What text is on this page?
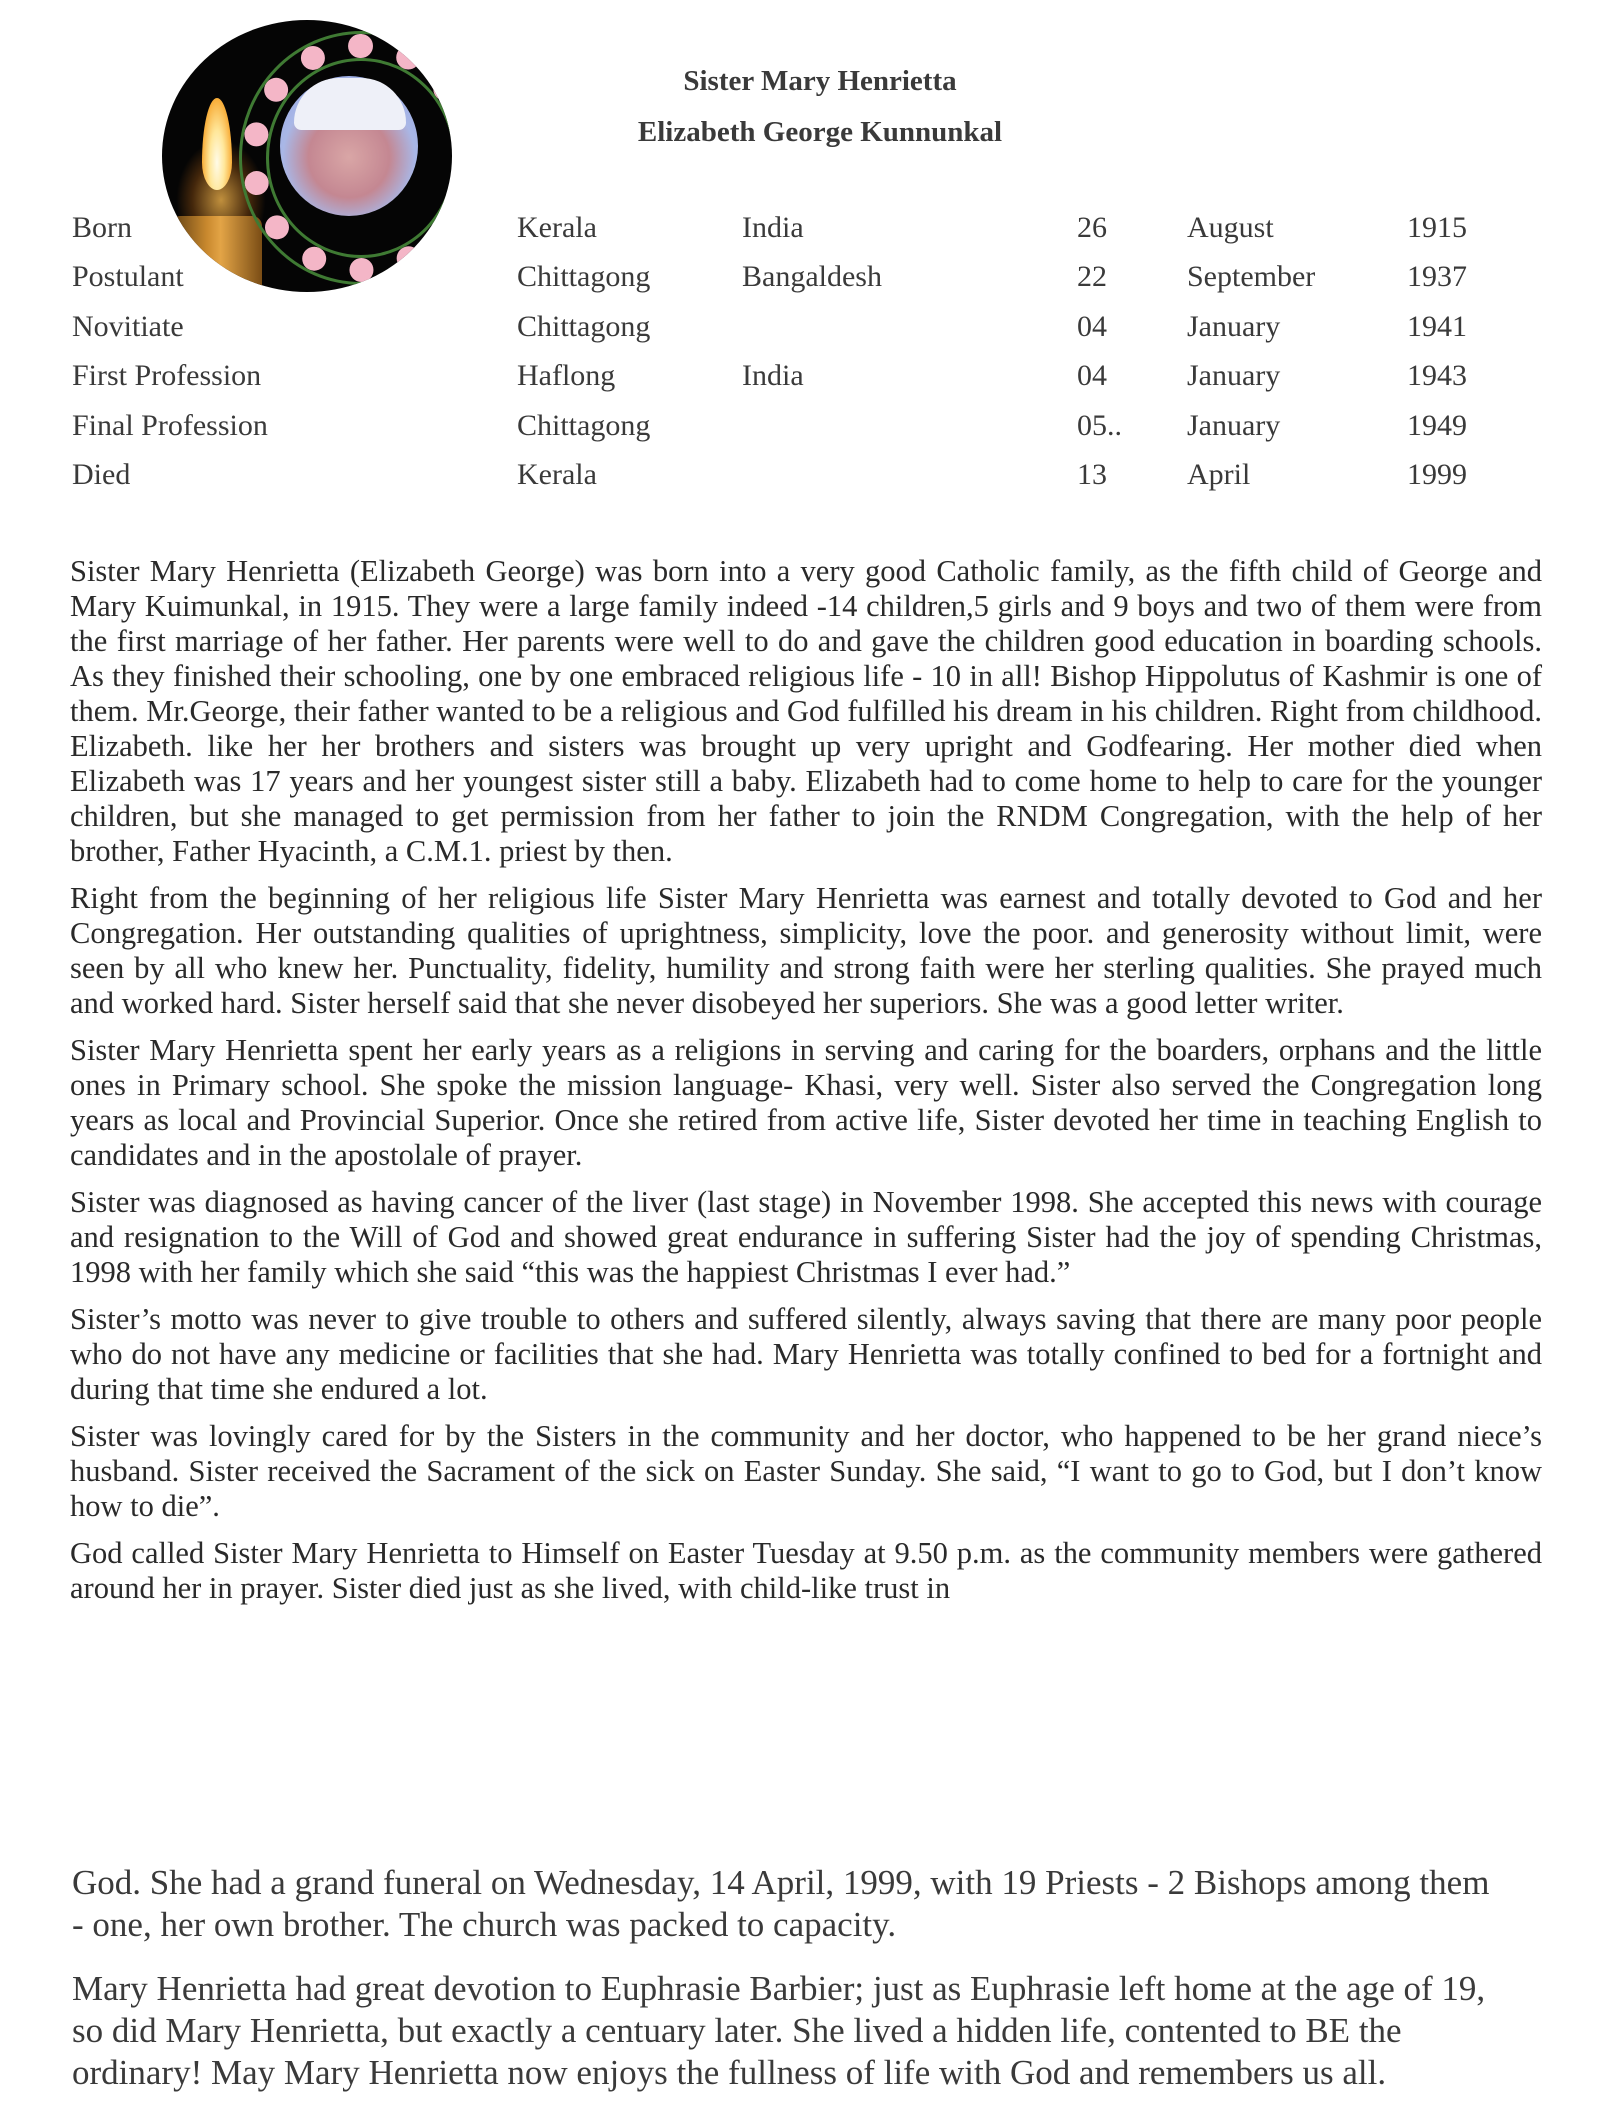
Sister Mary Henrietta
Elizabeth George Kunnunkal
Born	Kerala	India	26	August	1915
Postulant	Chittagong	Bangaldesh	22	September	1937
Novitiate	Chittagong		04	January	1941
First Profession	Haflong	India	04	January	1943
Final Profession	Chittagong		05..	January	1949
Died	Kerala		13	April	1999

Sister Mary Henrietta (Elizabeth George) was born into a very good Catholic family, as the fifth child of George and Mary Kuimunkal, in 1915. They were a large family indeed -14 children,5 girls and 9 boys and two of them were from the first marriage of her father. Her parents were well to do and gave the children good education in boarding schools. As they finished their schooling, one by one embraced religious life - 10 in all! Bishop Hippolutus of Kashmir is one of them. Mr.George, their father wanted to be a religious and God fulfilled his dream in his children. Right from childhood. Elizabeth. like her her brothers and sisters was brought up very upright and Godfearing. Her mother died when Elizabeth was 17 years and her youngest sister still a baby. Elizabeth had to come home to help to care for the younger children, but she managed to get permission from her father to join the RNDM Congregation, with the help of her brother, Father Hyacinth, a C.M.1. priest by then.

Right from the beginning of her religious life Sister Mary Henrietta was earnest and totally devoted to God and her Congregation. Her outstanding qualities of uprightness, simplicity, love the poor. and generosity without limit, were seen by all who knew her. Punctuality, fidelity, humility and strong faith were her sterling qualities. She prayed much and worked hard. Sister herself said that she never disobeyed her superiors. She was a good letter writer.

Sister Mary Henrietta spent her early years as a religions in serving and caring for the boarders, orphans and the little ones in Primary school. She spoke the mission language- Khasi, very well. Sister also served the Congregation long years as local and Provincial Superior. Once she retired from active life, Sister devoted her time in teaching English to candidates and in the apostolale of prayer.

Sister was diagnosed as having cancer of the liver (last stage) in November 1998. She accepted this news with courage and resignation to the Will of God and showed great endurance in suffering Sister had the joy of spending Christmas, 1998 with her family which she said “this was the happiest Christmas I ever had.”

Sister’s motto was never to give trouble to others and suffered silently, always saving that there are many poor people who do not have any medicine or facilities that she had. Mary Henrietta was totally confined to bed for a fortnight and during that time she endured a lot.

Sister was lovingly cared for by the Sisters in the community and her doctor, who happened to be her grand niece’s husband. Sister received the Sacrament of the sick on Easter Sunday. She said, “I want to go to God, but I don’t know how to die”.

God called Sister Mary Henrietta to Himself on Easter Tuesday at 9.50 p.m. as the community members were gathered around her in prayer. Sister died just as she lived, with child-like trust in

God. She had a grand funeral on Wednesday, 14 April, 1999, with 19 Priests - 2 Bishops among them - one, her own brother. The church was packed to capacity.

Mary Henrietta had great devotion to Euphrasie Barbier; just as Euphrasie left home at the age of 19, so did Mary Henrietta, but exactly a centuary later. She lived a hidden life, contented to BE the ordinary! May Mary Henrietta now enjoys the fullness of life with God and remembers us all.
